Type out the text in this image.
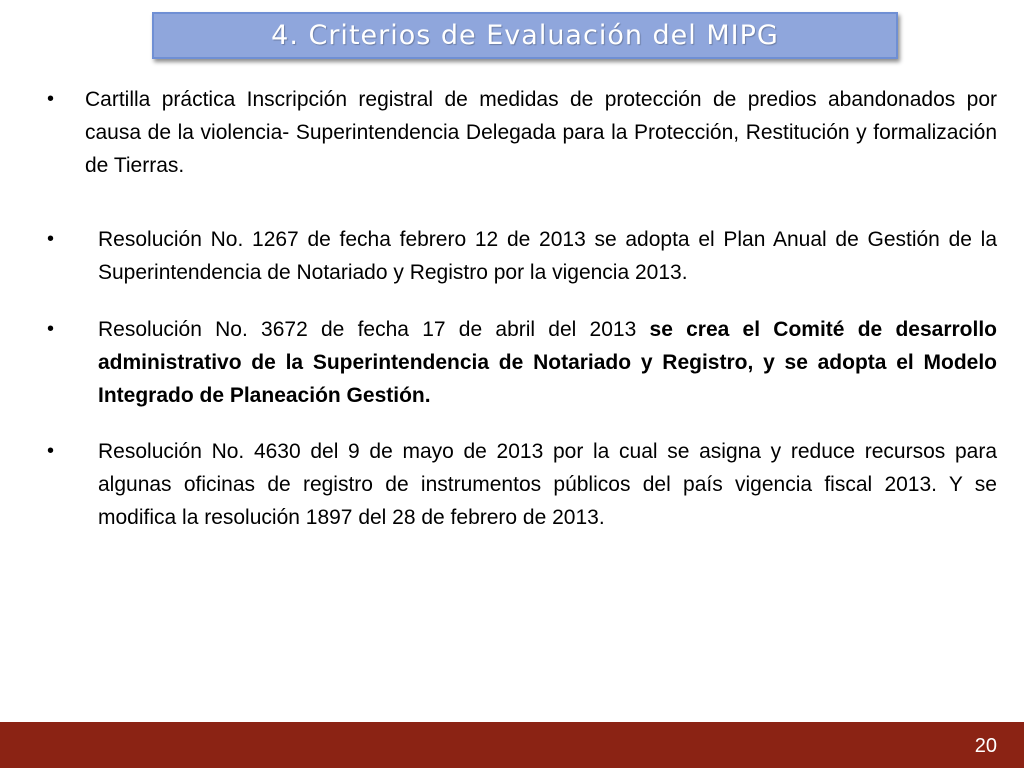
4. Criterios de Evaluación del MIPG
• Cartilla práctica Inscripción registral de medidas de protección de predios abandonados por causa de la violencia- Superintendencia Delegada para la Protección, Restitución y formalización de Tierras.
• Resolución No. 1267 de fecha febrero 12 de 2013 se adopta el Plan Anual de Gestión de la Superintendencia de Notariado y Registro por la vigencia 2013.
• Resolución No. 3672 de fecha 17 de abril del 2013 se crea el Comité de desarrollo administrativo de la Superintendencia de Notariado y Registro, y se adopta el Modelo Integrado de Planeación Gestión.
• Resolución No. 4630 del 9 de mayo de 2013 por la cual se asigna y reduce recursos para algunas oficinas de registro de instrumentos públicos del país vigencia fiscal 2013. Y se modifica la resolución 1897 del 28 de febrero de 2013.
20
